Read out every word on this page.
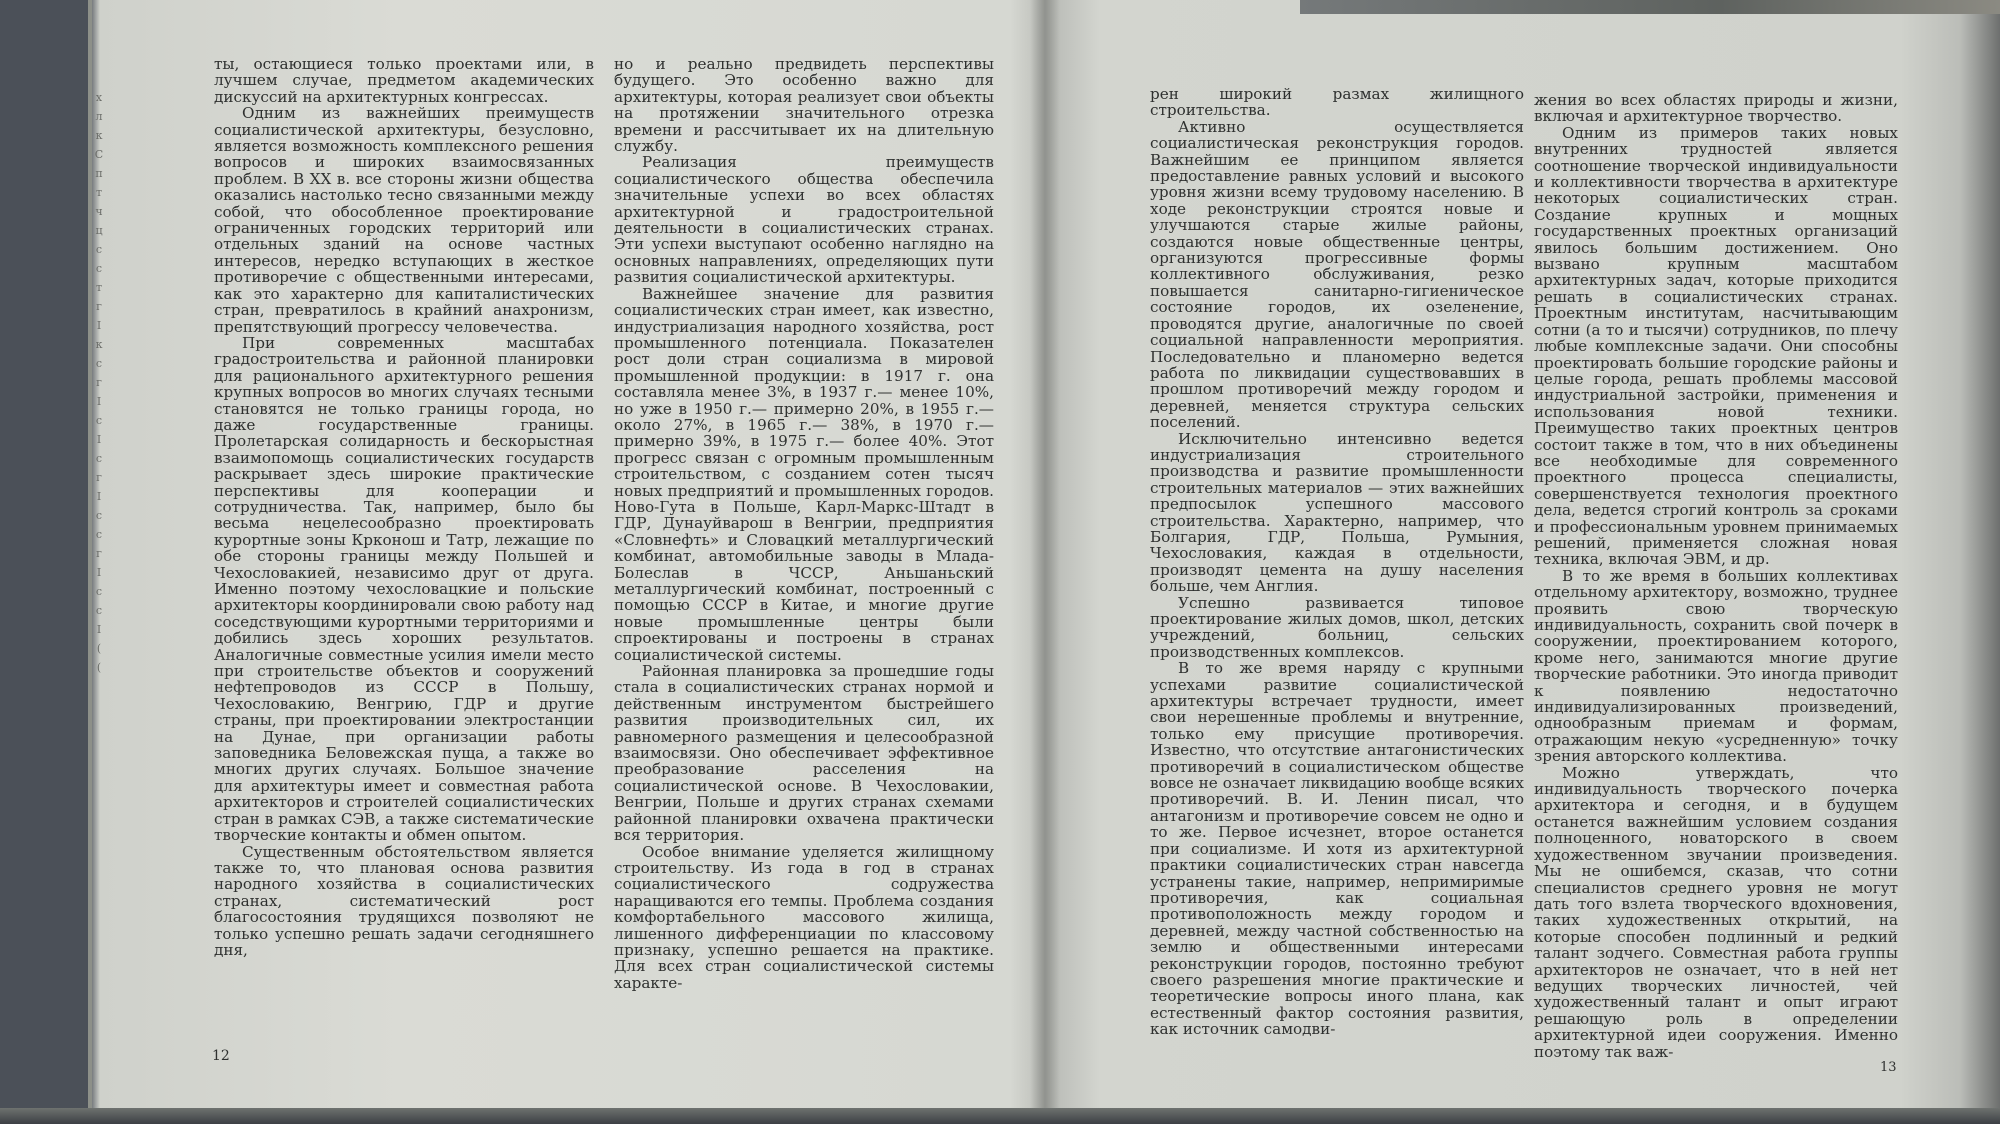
х
л
к
С
п
т
ч
ц
с
с
т
г
I
к
с
г
I
с
I
с
г
I
с
с
г
I
с
с
I
(
(

ты, остающиеся только проектами или, в лучшем случае, предметом академических дискуссий на архитектурных конгрессах.

Одним из важнейших преимуществ социалистической архитектуры, безусловно, является возможность комплексного решения вопросов и широких взаимосвязанных проблем. В XX в. все стороны жизни общества оказались настолько тесно связанными между собой, что обособленное проектирование ограниченных городских территорий или отдельных зданий на основе частных интересов, нередко вступающих в жесткое противоречие с общественными интересами, как это характерно для капиталистических стран, превратилось в крайний анахронизм, препятствующий прогрессу человечества.

При современных масштабах градостроительства и районной планировки для рационального архитектурного решения крупных вопросов во многих случаях тесными становятся не только границы города, но даже государственные границы. Пролетарская солидарность и бескорыстная взаимопомощь социалистических государств раскрывает здесь широкие практические перспективы для кооперации и сотрудничества. Так, например, было бы весьма нецелесообразно проектировать курортные зоны Крконош и Татр, лежащие по обе стороны границы между Польшей и Чехословакией, независимо друг от друга. Именно поэтому чехословацкие и польские архитекторы координировали свою работу над соседствующими курортными территориями и добились здесь хороших результатов. Аналогичные совместные усилия имели место при строительстве объектов и сооружений нефтепроводов из СССР в Польшу, Чехословакию, Венгрию, ГДР и другие страны, при проектировании электростанции на Дунае, при организации работы заповедника Беловежская пуща, а также во многих других случаях. Большое значение для архитектуры имеет и совместная работа архитекторов и строителей социалистических стран в рамках СЭВ, а также систематические творческие контакты и обмен опытом.

Существенным обстоятельством является также то, что плановая основа развития народного хозяйства в социалистических странах, систематический рост благосостояния трудящихся позволяют не только успешно решать задачи сегодняшнего дня,

но и реально предвидеть перспективы будущего. Это особенно важно для архитектуры, которая реализует свои объекты на протяжении значительного отрезка времени и рассчитывает их на длительную службу.

Реализация преимуществ социалистического общества обеспечила значительные успехи во всех областях архитектурной и градостроительной деятельности в социалистических странах. Эти успехи выступают особенно наглядно на основных направлениях, определяющих пути развития социалистической архитектуры.

Важнейшее значение для развития социалистических стран имеет, как известно, индустриализация народного хозяйства, рост промышленного потенциала. Показателен рост доли стран социализма в мировой промышленной продукции: в 1917 г. она составляла менее 3%, в 1937 г.— менее 10%, но уже в 1950 г.— примерно 20%, в 1955 г.— около 27%, в 1965 г.— 38%, в 1970 г.— примерно 39%, в 1975 г.— более 40%. Этот прогресс связан с огромным промышленным строительством, с созданием сотен тысяч новых предприятий и промышленных городов. Ново-Гута в Польше, Карл-Маркс-Штадт в ГДР, Дунауйварош в Венгрии, предприятия «Словнефть» и Словацкий металлургический комбинат, автомобильные заводы в Млада-Болеслав в ЧССР, Аньшаньский металлургический комбинат, построенный с помощью СССР в Китае, и многие другие новые промышленные центры были спроектированы и построены в странах социалистической системы.

Районная планировка за прошедшие годы стала в социалистических странах нормой и действенным инструментом быстрейшего развития производительных сил, их равномерного размещения и целесообразной взаимосвязи. Оно обеспечивает эффективное преобразование расселения на социалистической основе. В Чехословакии, Венгрии, Польше и других странах схемами районной планировки охвачена практически вся территория.

Особое внимание уделяется жилищному строительству. Из года в год в странах социалистического содружества наращиваются его темпы. Проблема создания комфортабельного массового жилища, лишенного дифференциации по классовому признаку, успешно решается на практике. Для всех стран социалистической системы характе-

рен широкий размах жилищного строительства.

Активно осуществляется социалистическая реконструкция городов. Важнейшим ее принципом является предоставление равных условий и высокого уровня жизни всему трудовому населению. В ходе реконструкции строятся новые и улучшаются старые жилые районы, создаются новые общественные центры, организуются прогрессивные формы коллективного обслуживания, резко повышается санитарно-гигиеническое состояние городов, их озеленение, проводятся другие, аналогичные по своей социальной направленности мероприятия. Последовательно и планомерно ведется работа по ликвидации существовавших в прошлом противоречий между городом и деревней, меняется структура сельских поселений.

Исключительно интенсивно ведется индустриализация строительного производства и развитие промышленности строительных материалов — этих важнейших предпосылок успешного массового строительства. Характерно, например, что Болгария, ГДР, Польша, Румыния, Чехословакия, каждая в отдельности, производят цемента на душу населения больше, чем Англия.

Успешно развивается типовое проектирование жилых домов, школ, детских учреждений, больниц, сельских производственных комплексов.

В то же время наряду с крупными успехами развитие социалистической архитектуры встречает трудности, имеет свои нерешенные проблемы и внутренние, только ему присущие противоречия. Известно, что отсутствие антагонистических противоречий в социалистическом обществе вовсе не означает ликвидацию вообще всяких противоречий. В. И. Ленин писал, что антагонизм и противоречие совсем не одно и то же. Первое исчезнет, второе останется при социализме. И хотя из архитектурной практики социалистических стран навсегда устранены такие, например, непримиримые противоречия, как социальная противоположность между городом и деревней, между частной собственностью на землю и общественными интересами реконструкции городов, постоянно требуют своего разрешения многие практические и теоретические вопросы иного плана, как естественный фактор состояния развития, как источник самодви-

жения во всех областях природы и жизни, включая и архитектурное творчество.

Одним из примеров таких новых внутренних трудностей является соотношение творческой индивидуальности и коллективности творчества в архитектуре некоторых социалистических стран. Создание крупных и мощных государственных проектных организаций явилось большим достижением. Оно вызвано крупным масштабом архитектурных задач, которые приходится решать в социалистических странах. Проектным институтам, насчитывающим сотни (а то и тысячи) сотрудников, по плечу любые комплексные задачи. Они способны проектировать большие городские районы и целые города, решать проблемы массовой индустриальной застройки, применения и использования новой техники. Преимущество таких проектных центров состоит также в том, что в них объединены все необходимые для современного проектного процесса специалисты, совершенствуется технология проектного дела, ведется строгий контроль за сроками и профессиональным уровнем принимаемых решений, применяется сложная новая техника, включая ЭВМ, и др.

В то же время в больших коллективах отдельному архитектору, возможно, труднее проявить свою творческую индивидуальность, сохранить свой почерк в сооружении, проектированием которого, кроме него, занимаются многие другие творческие работники. Это иногда приводит к появлению недостаточно индивидуализированных произведений, однообразным приемам и формам, отражающим некую «усредненную» точку зрения авторского коллектива.

Можно утверждать, что индивидуальность творческого почерка архитектора и сегодня, и в будущем останется важнейшим условием создания полноценного, новаторского в своем художественном звучании произведения. Мы не ошибемся, сказав, что сотни специалистов среднего уровня не могут дать того взлета творческого вдохновения, таких художественных открытий, на которые способен подлинный и редкий талант зодчего. Совместная работа группы архитекторов не означает, что в ней нет ведущих творческих личностей, чей художественный талант и опыт играют решающую роль в определении архитектурной идеи сооружения. Именно поэтому так важ-

12
13
